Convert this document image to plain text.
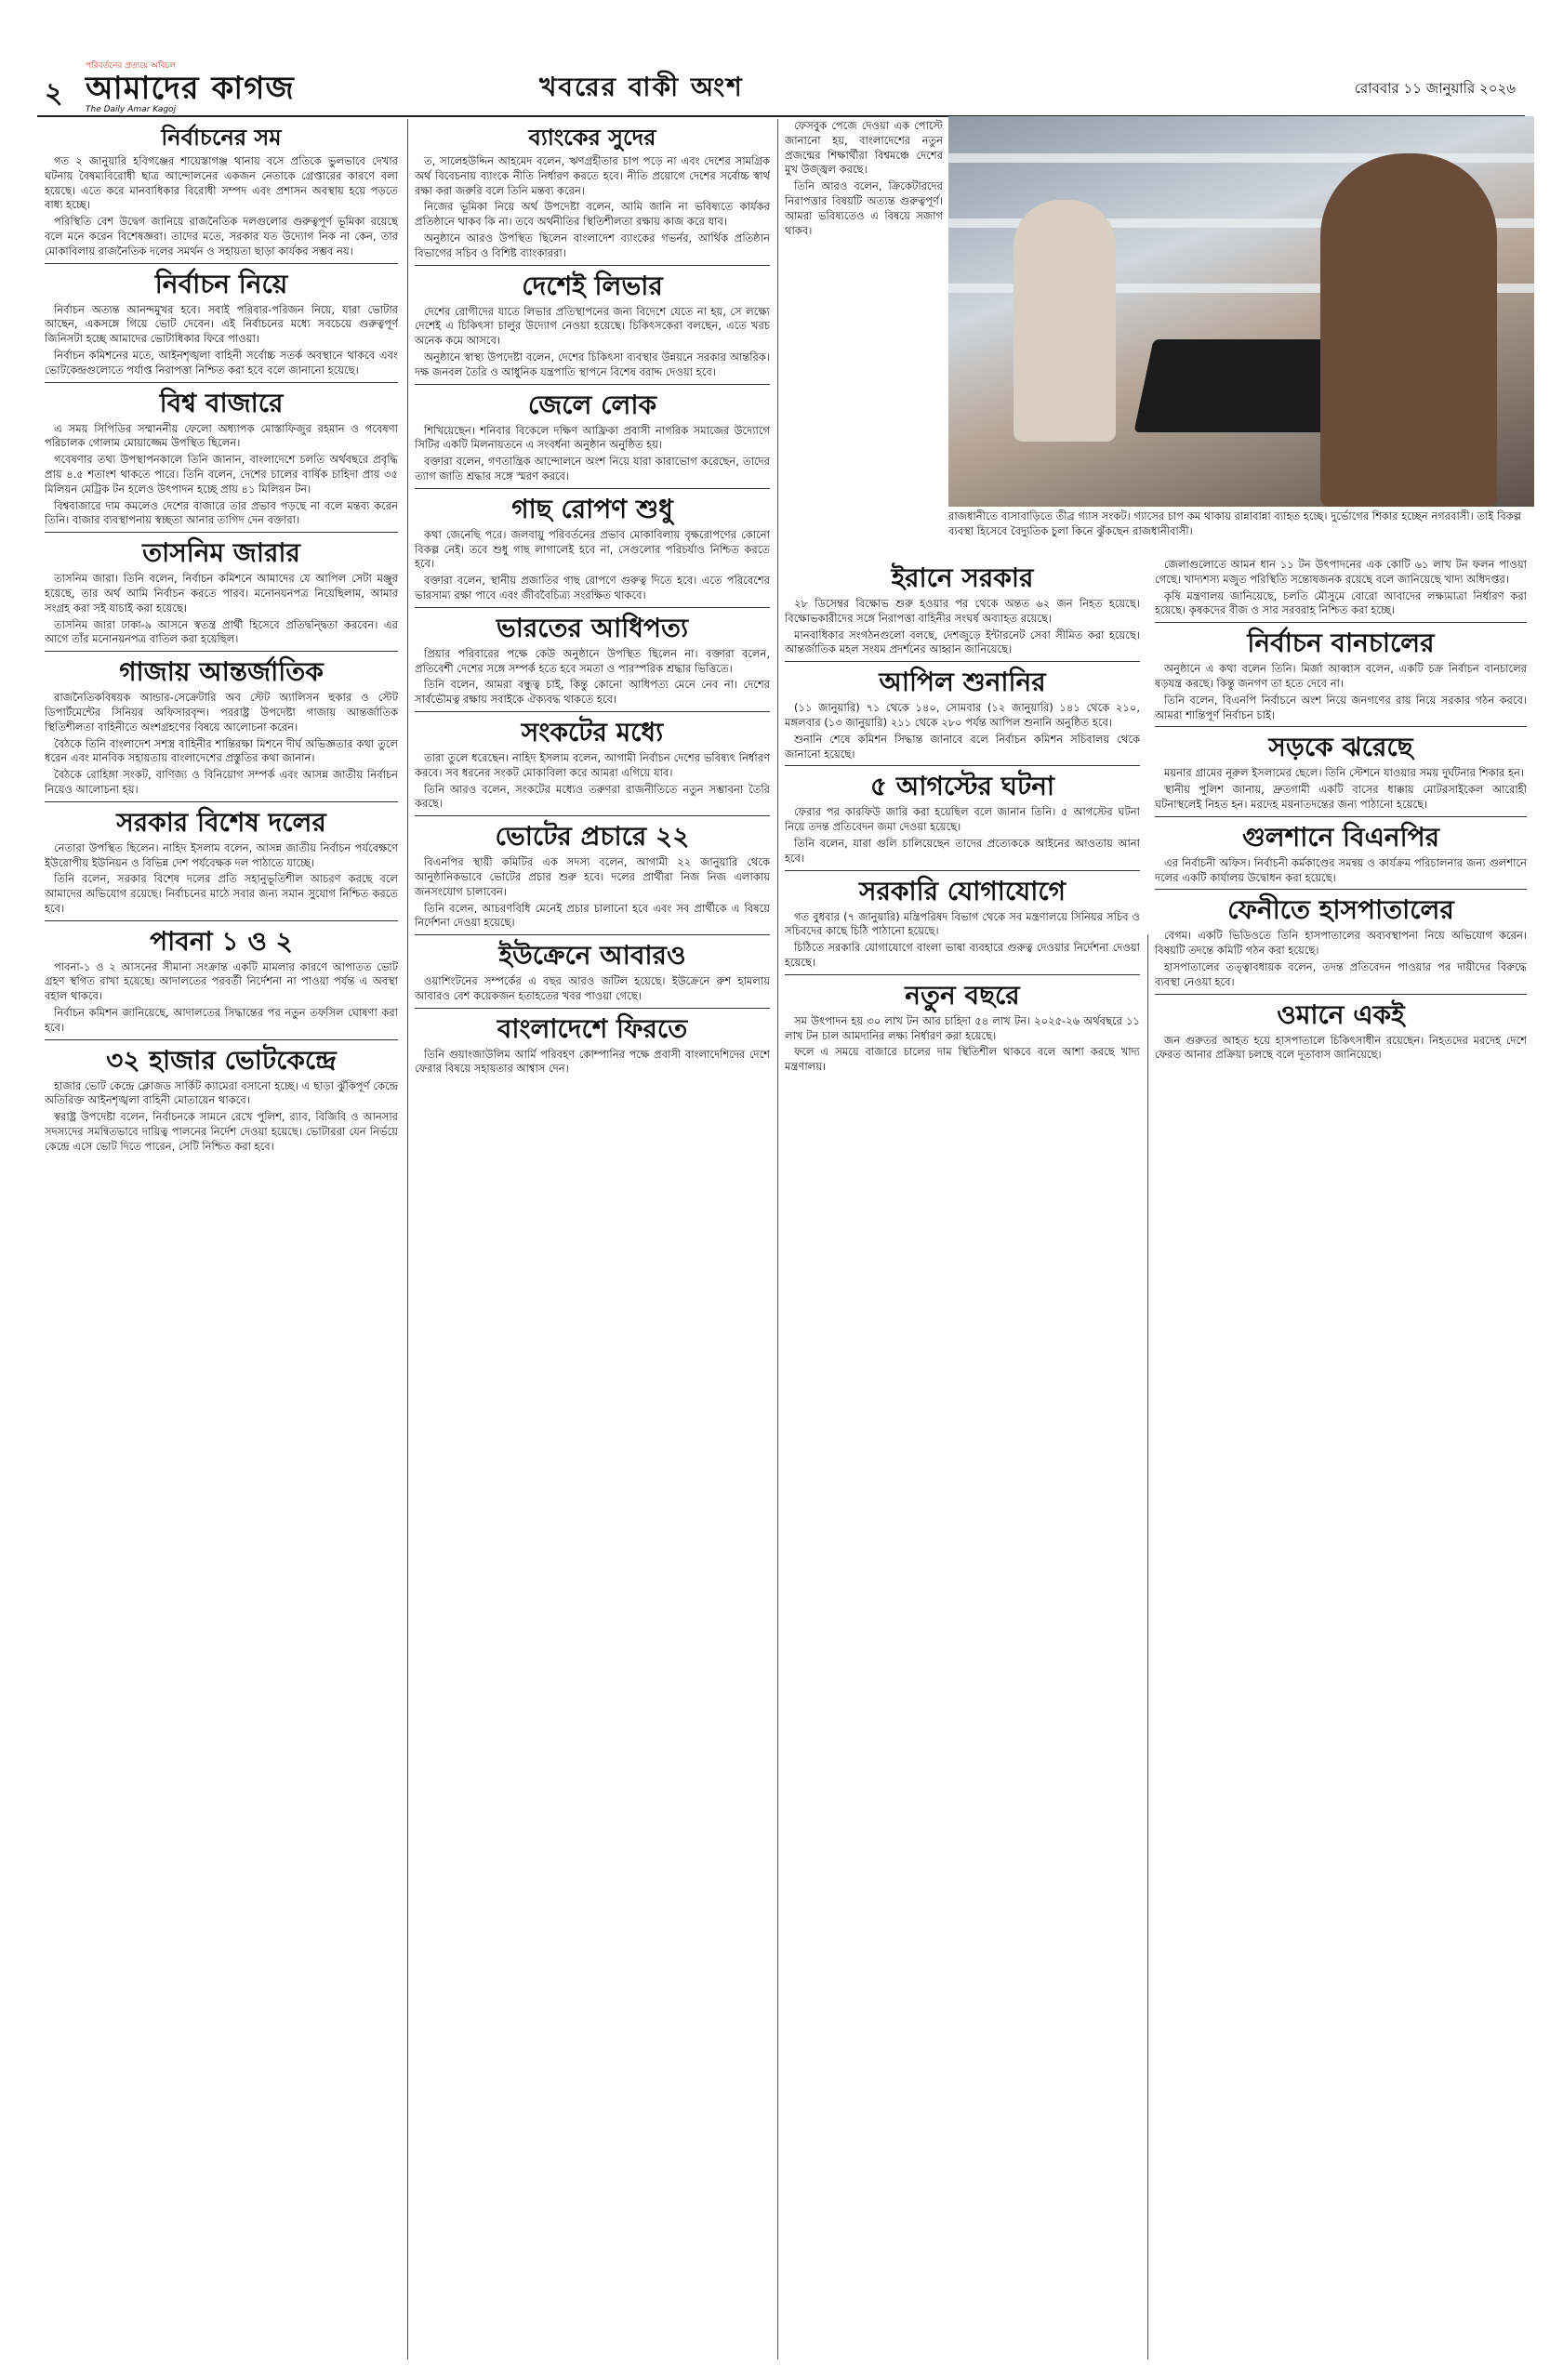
২
পরিবর্তনের প্রত্যয়ে অবিচল
আমাদের কাগজ
The Daily Amar Kagoj
খবরের বাকী অংশ	রোববার ১১ জানুয়ারি ২০২৬
নির্বাচনের সম

গত ২ জানুয়ারি হবিগঞ্জের শায়েস্তাগঞ্জ থানায় বসে প্রতিকে ভুলভাবে দেখার ঘটনায় বৈষম্যবিরোধী ছাত্র আন্দোলনের একজন নেতাকে গ্রেপ্তারের কারণে বলা হয়েছে। এতে করে মানবাধিকার বিরোধী সম্পদ এবং প্রশাসন অবস্থায় হয়ে পড়তে বাধ্য হচ্ছে।

পরিস্থিতি বেশ উদ্বেগ জানিয়ে রাজনৈতিক দলগুলোর গুরুত্বপূর্ণ ভূমিকা রয়েছে বলে মনে করেন বিশেষজ্ঞরা। তাদের মতে, সরকার যত উদ্যোগ নিক না কেন, তার মোকাবিলায় রাজনৈতিক দলের সমর্থন ও সহায়তা ছাড়া কার্যকর সম্ভব নয়।

নির্বাচন নিয়ে

নির্বাচন অত্যন্ত আনন্দমুখর হবে। সবাই পরিবার-পরিজন নিয়ে, যারা ভোটার আছেন, একসঙ্গে গিয়ে ভোট দেবেন। এই নির্বাচনের মধ্যে সবচেয়ে গুরুত্বপূর্ণ জিনিসটা হচ্ছে আমাদের ভোটাধিকার ফিরে পাওয়া।

নির্বাচন কমিশনের মতে, আইনশৃঙ্খলা বাহিনী সর্বোচ্চ সতর্ক অবস্থানে থাকবে এবং ভোটকেন্দ্রগুলোতে পর্যাপ্ত নিরাপত্তা নিশ্চিত করা হবে বলে জানানো হয়েছে।

বিশ্ব বাজারে

এ সময় সিপিডির সম্মাননীয় ফেলো অধ্যাপক মোস্তাফিজুর রহমান ও গবেষণা পরিচালক গোলাম মোয়াজ্জেম উপস্থিত ছিলেন।

গবেষণার তথ্য উপস্থাপনকালে তিনি জানান, বাংলাদেশে চলতি অর্থবছরে প্রবৃদ্ধি প্রায় ৪.৫ শতাংশ থাকতে পারে। তিনি বলেন, দেশের চালের বার্ষিক চাহিদা প্রায় ৩৫ মিলিয়ন মেট্রিক টন হলেও উৎপাদন হচ্ছে প্রায় ৪১ মিলিয়ন টন।

বিশ্ববাজারে দাম কমলেও দেশের বাজারে তার প্রভাব পড়ছে না বলে মন্তব্য করেন তিনি। বাজার ব্যবস্থাপনায় স্বচ্ছতা আনার তাগিদ দেন বক্তারা।

তাসনিম জারার

তাসনিম জারা। তিনি বলেন, নির্বাচন কমিশনে আমাদের যে আপিল সেটা মঞ্জুর হয়েছে, তার অর্থ আমি নির্বাচন করতে পারব। মনোনয়নপত্র নিয়েছিলাম, আমার সংগ্রহ করা সই যাচাই করা হয়েছে।

তাসনিম জারা ঢাকা-৯ আসনে স্বতন্ত্র প্রার্থী হিসেবে প্রতিদ্বন্দ্বিতা করবেন। এর আগে তাঁর মনোনয়নপত্র বাতিল করা হয়েছিল।

গাজায় আন্তর্জাতিক

রাজনৈতিকবিষয়ক আন্ডার-সেক্রেটারি অব স্টেট অ্যালিসন হুকার ও স্টেট ডিপার্টমেন্টের সিনিয়র অফিসারবৃন্দ। পররাষ্ট্র উপদেষ্টা গাজায় আন্তর্জাতিক স্থিতিশীলতা বাহিনীতে অংশগ্রহণের বিষয়ে আলোচনা করেন।

বৈঠকে তিনি বাংলাদেশ সশস্ত্র বাহিনীর শান্তিরক্ষা মিশনে দীর্ঘ অভিজ্ঞতার কথা তুলে ধরেন এবং মানবিক সহায়তায় বাংলাদেশের প্রস্তুতির কথা জানান।

বৈঠকে রোহিঙ্গা সংকট, বাণিজ্য ও বিনিয়োগ সম্পর্ক এবং আসন্ন জাতীয় নির্বাচন নিয়েও আলোচনা হয়।

সরকার বিশেষ দলের

নেতারা উপস্থিত ছিলেন। নাহিদ ইসলাম বলেন, আসন্ন জাতীয় নির্বাচন পর্যবেক্ষণে ইউরোপীয় ইউনিয়ন ও বিভিন্ন দেশ পর্যবেক্ষক দল পাঠাতে যাচ্ছে।

তিনি বলেন, সরকার বিশেষ দলের প্রতি সহানুভূতিশীল আচরণ করছে বলে আমাদের অভিযোগ রয়েছে। নির্বাচনের মাঠে সবার জন্য সমান সুযোগ নিশ্চিত করতে হবে।

পাবনা ১ ও ২

পাবনা-১ ও ২ আসনের সীমানা সংক্রান্ত একটি মামলার কারণে আপাতত ভোট গ্রহণ স্থগিত রাখা হয়েছে। আদালতের পরবর্তী নির্দেশনা না পাওয়া পর্যন্ত এ অবস্থা বহাল থাকবে।

নির্বাচন কমিশন জানিয়েছে, আদালতের সিদ্ধান্তের পর নতুন তফসিল ঘোষণা করা হবে।

৩২ হাজার ভোটকেন্দ্রে

হাজার ভোট কেন্দ্রে ক্লোজড সার্কিট ক্যামেরা বসানো হচ্ছে। এ ছাড়া ঝুঁকিপূর্ণ কেন্দ্রে অতিরিক্ত আইনশৃঙ্খলা বাহিনী মোতায়েন থাকবে।

স্বরাষ্ট্র উপদেষ্টা বলেন, নির্বাচনকে সামনে রেখে পুলিশ, র‍্যাব, বিজিবি ও আনসার সদস্যদের সমন্বিতভাবে দায়িত্ব পালনের নির্দেশ দেওয়া হয়েছে। ভোটাররা যেন নির্ভয়ে কেন্দ্রে এসে ভোট দিতে পারেন, সেটি নিশ্চিত করা হবে।

ব্যাংকের সুদের

ত, সালেহউদ্দিন আহমেদ বলেন, ঋণগ্রহীতার চাপ পড়ে না এবং দেশের সামগ্রিক অর্থ বিবেচনায় ব্যাংকে নীতি নির্ধারণ করতে হবে। নীতি প্রয়োগে দেশের সর্বোচ্চ স্বার্থ রক্ষা করা জরুরি বলে তিনি মন্তব্য করেন।

নিজের ভূমিকা নিয়ে অর্থ উপদেষ্টা বলেন, আমি জানি না ভবিষ্যতে কার্যকর প্রতিষ্ঠানে থাকব কি না। তবে অর্থনীতির স্থিতিশীলতা রক্ষায় কাজ করে যাব।

অনুষ্ঠানে আরও উপস্থিত ছিলেন বাংলাদেশ ব্যাংকের গভর্নর, আর্থিক প্রতিষ্ঠান বিভাগের সচিব ও বিশিষ্ট ব্যাংকাররা।

দেশেই লিভার

দেশের রোগীদের যাতে লিভার প্রতিস্থাপনের জন্য বিদেশে যেতে না হয়, সে লক্ষ্যে দেশেই এ চিকিৎসা চালুর উদ্যোগ নেওয়া হয়েছে। চিকিৎসকেরা বলছেন, এতে খরচ অনেক কমে আসবে।

অনুষ্ঠানে স্বাস্থ্য উপদেষ্টা বলেন, দেশের চিকিৎসা ব্যবস্থার উন্নয়নে সরকার আন্তরিক। দক্ষ জনবল তৈরি ও আধুনিক যন্ত্রপাতি স্থাপনে বিশেষ বরাদ্দ দেওয়া হবে।

জেলে লোক

শিখিয়েছেন। শনিবার বিকেলে দক্ষিণ আফ্রিকা প্রবাসী নাগরিক সমাজের উদ্যোগে সিটির একটি মিলনায়তনে এ সংবর্ধনা অনুষ্ঠান অনুষ্ঠিত হয়।

বক্তারা বলেন, গণতান্ত্রিক আন্দোলনে অংশ নিয়ে যারা কারাভোগ করেছেন, তাদের ত্যাগ জাতি শ্রদ্ধার সঙ্গে স্মরণ করবে।

গাছ রোপণ শুধু

কথা জেনেছি পরে। জলবায়ু পরিবর্তনের প্রভাব মোকাবিলায় বৃক্ষরোপণের কোনো বিকল্প নেই। তবে শুধু গাছ লাগালেই হবে না, সেগুলোর পরিচর্যাও নিশ্চিত করতে হবে।

বক্তারা বলেন, স্থানীয় প্রজাতির গাছ রোপণে গুরুত্ব দিতে হবে। এতে পরিবেশের ভারসাম্য রক্ষা পাবে এবং জীববৈচিত্র্য সংরক্ষিত থাকবে।

ভারতের আধিপত্য

প্রিয়ার পরিবারের পক্ষে কেউ অনুষ্ঠানে উপস্থিত ছিলেন না। বক্তারা বলেন, প্রতিবেশী দেশের সঙ্গে সম্পর্ক হতে হবে সমতা ও পারস্পরিক শ্রদ্ধার ভিত্তিতে।

তিনি বলেন, আমরা বন্ধুত্ব চাই, কিন্তু কোনো আধিপত্য মেনে নেব না। দেশের সার্বভৌমত্ব রক্ষায় সবাইকে ঐক্যবদ্ধ থাকতে হবে।

সংকটের মধ্যে

তারা তুলে ধরেছেন। নাহিদ ইসলাম বলেন, আগামী নির্বাচন দেশের ভবিষ্যৎ নির্ধারণ করবে। সব ধরনের সংকট মোকাবিলা করে আমরা এগিয়ে যাব।

তিনি আরও বলেন, সংকটের মধ্যেও তরুণরা রাজনীতিতে নতুন সম্ভাবনা তৈরি করছে।

ভোটের প্রচারে ২২

বিএনপির স্থায়ী কমিটির এক সদস্য বলেন, আগামী ২২ জানুয়ারি থেকে আনুষ্ঠানিকভাবে ভোটের প্রচার শুরু হবে। দলের প্রার্থীরা নিজ নিজ এলাকায় জনসংযোগ চালাবেন।

তিনি বলেন, আচরণবিধি মেনেই প্রচার চালানো হবে এবং সব প্রার্থীকে এ বিষয়ে নির্দেশনা দেওয়া হয়েছে।

ইউক্রেনে আবারও

ওয়াশিংটনের সম্পর্কের এ বছর আরও জটিল হয়েছে। ইউক্রেনে রুশ হামলায় আবারও বেশ কয়েকজন হতাহতের খবর পাওয়া গেছে।

বাংলাদেশে ফিরতে

তিনি গুয়াংজাউলিম আর্মি পরিবহণ কোম্পানির পক্ষে প্রবাসী বাংলাদেশিদের দেশে ফেরার বিষয়ে সহায়তার আশ্বাস দেন।

রাজধানীতে বাসাবাড়িতে তীব্র গ্যাস সংকট। গ্যাসের চাপ কম থাকায় রান্নাবান্না ব্যাহত হচ্ছে। দুর্ভোগের শিকার হচ্ছেন নগরবাসী। তাই বিকল্প ব্যবস্থা হিসেবে বৈদ্যুতিক চুলা কিনে ঝুঁকছেন রাজধানীবাসী।

ফেসবুক পেজে দেওয়া এক পোস্টে জানানো হয়, বাংলাদেশের নতুন প্রজন্মের শিক্ষার্থীরা বিশ্বমঞ্চে দেশের মুখ উজ্জ্বল করছে।

তিনি আরও বলেন, ক্রিকেটারদের নিরাপত্তার বিষয়টি অত্যন্ত গুরুত্বপূর্ণ। আমরা ভবিষ্যতেও এ বিষয়ে সজাগ থাকব।

ইরানে সরকার

২৮ ডিসেম্বর বিক্ষোভ শুরু হওয়ার পর থেকে অন্তত ৬২ জন নিহত হয়েছে। বিক্ষোভকারীদের সঙ্গে নিরাপত্তা বাহিনীর সংঘর্ষ অব্যাহত রয়েছে।

মানবাধিকার সংগঠনগুলো বলছে, দেশজুড়ে ইন্টারনেট সেবা সীমিত করা হয়েছে। আন্তর্জাতিক মহল সংযম প্রদর্শনের আহ্বান জানিয়েছে।

আপিল শুনানির

(১১ জানুয়ারি) ৭১ থেকে ১৪০, সোমবার (১২ জানুয়ারি) ১৪১ থেকে ২১০, মঙ্গলবার (১৩ জানুয়ারি) ২১১ থেকে ২৮০ পর্যন্ত আপিল শুনানি অনুষ্ঠিত হবে।

শুনানি শেষে কমিশন সিদ্ধান্ত জানাবে বলে নির্বাচন কমিশন সচিবালয় থেকে জানানো হয়েছে।

৫ আগস্টের ঘটনা

ফেরার পর কারফিউ জারি করা হয়েছিল বলে জানান তিনি। ৫ আগস্টের ঘটনা নিয়ে তদন্ত প্রতিবেদন জমা দেওয়া হয়েছে।

তিনি বলেন, যারা গুলি চালিয়েছেন তাদের প্রত্যেককে আইনের আওতায় আনা হবে।

সরকারি যোগাযোগে

গত বুধবার (৭ জানুয়ারি) মন্ত্রিপরিষদ বিভাগ থেকে সব মন্ত্রণালয়ে সিনিয়র সচিব ও সচিবদের কাছে চিঠি পাঠানো হয়েছে।

চিঠিতে সরকারি যোগাযোগে বাংলা ভাষা ব্যবহারে গুরুত্ব দেওয়ার নির্দেশনা দেওয়া হয়েছে।

নতুন বছরে

সম উৎপাদন হয় ৩০ লাখ টন আর চাহিদা ৫৪ লাখ টন। ২০২৫-২৬ অর্থবছরে ১১ লাখ টন চাল আমদানির লক্ষ্য নির্ধারণ করা হয়েছে।

ফলে এ সময়ে বাজারে চালের দাম স্থিতিশীল থাকবে বলে আশা করছে খাদ্য মন্ত্রণালয়।

জেলাগুলোতে আমন ধান ১১ টন উৎপাদনের এক কোটি ৬১ লাখ টন ফলন পাওয়া গেছে। খাদ্যশস্য মজুত পরিস্থিতি সন্তোষজনক রয়েছে বলে জানিয়েছে খাদ্য অধিদপ্তর।

কৃষি মন্ত্রণালয় জানিয়েছে, চলতি মৌসুমে বোরো আবাদের লক্ষ্যমাত্রা নির্ধারণ করা হয়েছে। কৃষকদের বীজ ও সার সরবরাহ নিশ্চিত করা হচ্ছে।

নির্বাচন বানচালের

অনুষ্ঠানে এ কথা বলেন তিনি। মির্জা আব্বাস বলেন, একটি চক্র নির্বাচন বানচালের ষড়যন্ত্র করছে। কিন্তু জনগণ তা হতে দেবে না।

তিনি বলেন, বিএনপি নির্বাচনে অংশ নিয়ে জনগণের রায় নিয়ে সরকার গঠন করবে। আমরা শান্তিপূর্ণ নির্বাচন চাই।

সড়কে ঝরেছে

ময়নার গ্রামের নূরুল ইসলামের ছেলে। তিনি স্টেশনে যাওয়ার সময় দুর্ঘটনার শিকার হন।

স্থানীয় পুলিশ জানায়, দ্রুতগামী একটি বাসের ধাক্কায় মোটরসাইকেল আরোহী ঘটনাস্থলেই নিহত হন। মরদেহ ময়নাতদন্তের জন্য পাঠানো হয়েছে।

গুলশানে বিএনপির

এর নির্বাচনী অফিস। নির্বাচনী কর্মকাণ্ডের সমন্বয় ও কার্যক্রম পরিচালনার জন্য গুলশানে দলের একটি কার্যালয় উদ্বোধন করা হয়েছে।

ফেনীতে হাসপাতালের

বেগম। একটি ভিডিওতে তিনি হাসপাতালের অব্যবস্থাপনা নিয়ে অভিযোগ করেন। বিষয়টি তদন্তে কমিটি গঠন করা হয়েছে।

হাসপাতালের তত্ত্বাবধায়ক বলেন, তদন্ত প্রতিবেদন পাওয়ার পর দায়ীদের বিরুদ্ধে ব্যবস্থা নেওয়া হবে।

ওমানে একই

জন গুরুতর আহত হয়ে হাসপাতালে চিকিৎসাধীন রয়েছেন। নিহতদের মরদেহ দেশে ফেরত আনার প্রক্রিয়া চলছে বলে দূতাবাস জানিয়েছে।
